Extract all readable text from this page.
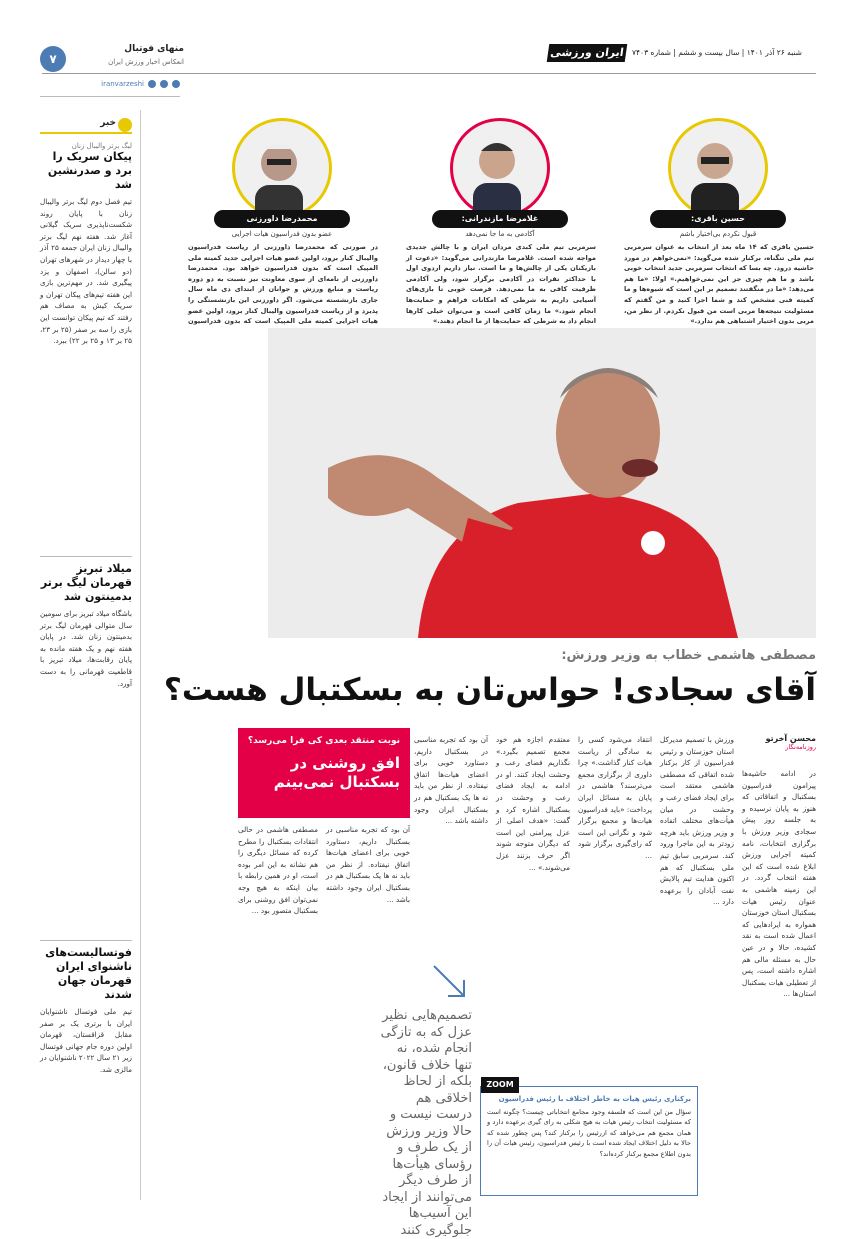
ایران ورزشی شنبه ۲۶ آذر ۱۴۰۱ | سال بیست و ششم | شماره ۷۴۰۳
۷
منهای فوتبال
انعکاس اخبار ورزش ایران
iranvarzeshi
خبر
لیگ برتر والیبال زنان
پیکان سریک را برد و صدرنشین شد
تیم فصل دوم لیگ برتر والیبال زنان با پایان روند شکست‌ناپذیری سریک گیلانی آغاز شد. هفته نهم لیگ برتر والیبال زنان ایران جمعه ۲۵ آذر با چهار دیدار در شهرهای تهران (دو سالن)، اصفهان و یزد پیگیری شد. در مهم‌ترین بازی این هفته تیم‌های پیکان تهران و سریک کیش به مصاف هم رفتند که تیم پیکان توانست این بازی را سه بر صفر (۲۵ بر ۲۳، ۲۵ بر ۱۳ و ۲۵ بر ۲۲) ببرد.
میلاد تبریز قهرمان لیگ برتر بدمینتون شد
باشگاه میلاد تبریز برای سومین سال متوالی قهرمان لیگ برتر بدمینتون زنان شد. در پایان هفته نهم و یک هفته مانده به پایان رقابت‌ها، میلاد تبریز با قاطعیت قهرمانی را به دست آورد.
فوتسالیست‌های ناشنوای ایران قهرمان جهان شدند
تیم ملی فوتسال ناشنوایان ایران با برتری یک بر صفر مقابل قزاقستان، قهرمان اولین دوره جام جهانی فوتسال زیر ۲۱ سال ۲۰۲۲ ناشنوایان در مالزی شد.
حسین باقری:
قبول نکردم بی‌اختیار باشم
حسین باقری که ۱۴ ماه بعد از انتخاب به عنوان سرمربی تیم ملی تنگناه، برکنار شده می‌گوید: «نمی‌خواهم در مورد حاشیه درود. چه بسا که انتخاب سرمربی جدید انتخاب خوبی باشد و ما هم چیزی جز این نمی‌خواهیم.» اولا: «ما هم می‌دهد: «ما در منگفتند تصمیم بر این است که شیوه‌ها و ما کمیته فنی مشخص کند و شما اجرا کنید و من گفتم که مسئولیت نتیجه‌ها مربی است من قبول نکردم. از نظر من، مربی بدون اختیار اشتباهی هم ندارد.»
غلامرضا مازندرانی:
آکادمی به ما جا نمی‌دهد
سرمربی تیم ملی کبدی مردان ایران و با چالش جدیدی مواجه شده است. غلامرضا مازندرانی می‌گوید: «دعوت از بازیکنان یکی از چالش‌ها و ما است. نیاز داریم اردوی اول با حداکثر نفرات در آکادمی برگزار شود، ولی آکادمی ظرفیت کافی به ما نمی‌دهد. فرصت خوبی تا بازی‌های آسیایی داریم به شرطی که امکانات فراهم و حمایت‌ها انجام شود.» ما زمان کافی است و می‌توان خیلی کارها انجام داد به شرطی که حمایت‌ها از ما انجام دهند.»
محمدرضا داورزنی
عضو بدون فدراسیون هیات اجرایی
در صورتی که محمدرضا داورزنی از ریاست فدراسیون والیبال کنار برود، اولین عضو هیات اجرایی جدید کمیته ملی المپیک است که بدون فدراسیون خواهد بود. محمدرضا داورزنی از نامه‌ای از سوی معاونت نیز نسبت به دو دوره ریاست و منابع ورزش و جوانان از ابتدای دی ماه سال جاری بازنشسته می‌شود. اگر داورزنی این بازنشستگی را پذیرد و از ریاست فدراسیون والیبال کنار برود، اولین عضو هیات اجرایی کمیته ملی المپیک است که بدون فدراسیون
مصطفی هاشمی خطاب به وزیر ورزش:
آقای سجادی! حواس‌تان به بسکتبال هست؟
محسن آخرتو
روزنامه‌نگار
در ادامه حاشیه‌ها پیرامون فدراسیون بسکتبال و اتفاقاتی که هنوز به پایان نرسیده و به جلسه روز پیش سجادی وزیر ورزش با برگزاری انتخابات، نامه کمیته اجرایی ورزش ابلاغ شده است که این هفته انتخاب گردد. در این زمینه هاشمی به عنوان رئیس هیات بسکتبال استان خوزستان همواره به ایرادهایی که اعمال شده است به نقد کشیده، حالا و در عین حال به مسئله مالی هم اشاره داشته است، پس از تعطیلی هیات بسکتبال استان‌ها ...
ورزش با تصمیم مدیرکل استان خوزستان و رئیس فدراسیون از کار برکنار شده اتفاقی که مصطفی هاشمی معتقد است برای ایجاد فضای رعب و وحشت در میان هیأت‌های مختلف اتفاده و وزیر ورزش باید هرچه زودتر به این ماجرا ورود کند. سرمربی سابق تیم ملی بسکتبال که هم اکنون هدایت تیم پالایش نفت آبادان را برعهده دارد ...
انتقاد می‌شود کسی را به سادگی از ریاست هیات کنار گذاشت.» چرا داوری از برگزاری مجمع می‌ترسند؟ هاشمی در پایان به مسائل ایران پرداخت: «باید فدراسیون هیات‌ها و مجمع برگزار شود و نگرانی این است که رای‌گیری برگزار شود ...
معتقدم اجازه هم خود مجمع تصمیم بگیرد.» نگذاریم فضای رعب و وحشت ایجاد کنند. او در ادامه به ایجاد فضای رعب و وحشت در بسکتبال اشاره کرد و گفت: «هدف اصلی از عزل پیرامنی این است که دیگران متوجه شوند اگر حرف بزنند عزل می‌شوند.» ...
آن بود که تجربه مناسبی در بسکتبال داریم، دستاورد خوبی برای اعضای هیات‌ها اتفاق نیفتاده. از نظر من باید نه ها یک بسکتبال هم در بسکتبال ایران وجود داشته باشد ...
مصطفی هاشمی در حالی انتقادات بسکتبال را مطرح کرده که مسائل دیگری را هم نشانه به این امر بوده است، او در همین رابطه با بیان اینکه به هیچ وجه نمی‌توان افق روشنی برای بسکتبال متصور بود ...
آن بود که تجربه مناسبی در بسکتبال داریم، دستاورد خوبی برای اعضای هیات‌ها اتفاق نیفتاده. از نظر من باید نه ها یک بسکتبال هم در بسکتبال ایران وجود داشته باشد ...
نوبت منتقد بعدی کی فرا می‌رسد؟
افق روشنی در بسکتبال نمی‌بینم
تصمیم‌هایی نظیر عزل که به تازگی انجام شده، نه تنها خلاف قانون، بلکه از لحاظ اخلاقی هم درست نیست و حالا وزیر ورزش از یک طرف و رؤسای هیأت‌ها از طرف دیگر می‌توانند از ایجاد این آسیب‌ها جلوگیری کنند
ZOOM
برکناری رئیس هیات به خاطر اختلاف با رئیس فدراسیون
سؤال من این است که فلسفه وجود مجامع انتخاباتی چیست؟ چگونه است که مسئولیت انتخاب رئیس هیات به هیچ شکلی به رای گیری برعهده دارد و همان مجمع هم می‌خواهد که ازرئیس را برکنار کند؟ پس چطور شده که حالا به دلیل اختلاف ایجاد شده است با رئیس فدراسیون، رئیس هیات آن را بدون اطلاع مجمع برکنار کرده‌اند؟
